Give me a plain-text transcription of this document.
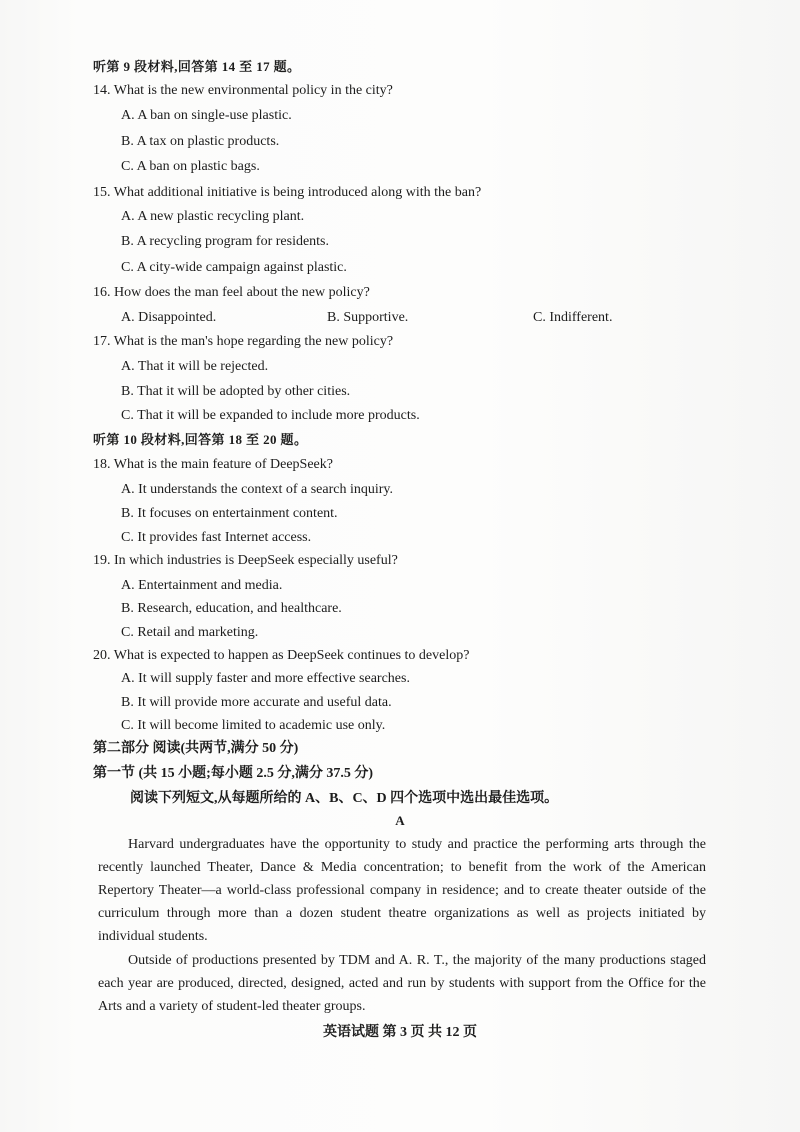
听第 9 段材料,回答第 14 至 17 题。
14. What is the new environmental policy in the city?
A. A ban on single-use plastic.
B. A tax on plastic products.
C. A ban on plastic bags.
15. What additional initiative is being introduced along with the ban?
A. A new plastic recycling plant.
B. A recycling program for residents.
C. A city-wide campaign against plastic.
16. How does the man feel about the new policy?
A. Disappointed.	B. Supportive.	C. Indifferent.
17. What is the man's hope regarding the new policy?
A. That it will be rejected.
B. That it will be adopted by other cities.
C. That it will be expanded to include more products.
听第 10 段材料,回答第 18 至 20 题。
18. What is the main feature of DeepSeek?
A. It understands the context of a search inquiry.
B. It focuses on entertainment content.
C. It provides fast Internet access.
19. In which industries is DeepSeek especially useful?
A. Entertainment and media.
B. Research, education, and healthcare.
C. Retail and marketing.
20. What is expected to happen as DeepSeek continues to develop?
A. It will supply faster and more effective searches.
B. It will provide more accurate and useful data.
C. It will become limited to academic use only.
第二部分 阅读(共两节,满分 50 分)
第一节 (共 15 小题;每小题 2.5 分,满分 37.5 分)
阅读下列短文,从每题所给的 A、B、C、D 四个选项中选出最佳选项。
A
Harvard undergraduates have the opportunity to study and practice the performing arts through the recently launched Theater, Dance & Media concentration; to benefit from the work of the American Repertory Theater—a world-class professional company in residence; and to create theater outside of the curriculum through more than a dozen student theatre organizations as well as projects initiated by individual students.
Outside of productions presented by TDM and A. R. T., the majority of the many productions staged each year are produced, directed, designed, acted and run by students with support from the Office for the Arts and a variety of student-led theater groups.
英语试题 第 3 页 共 12 页
